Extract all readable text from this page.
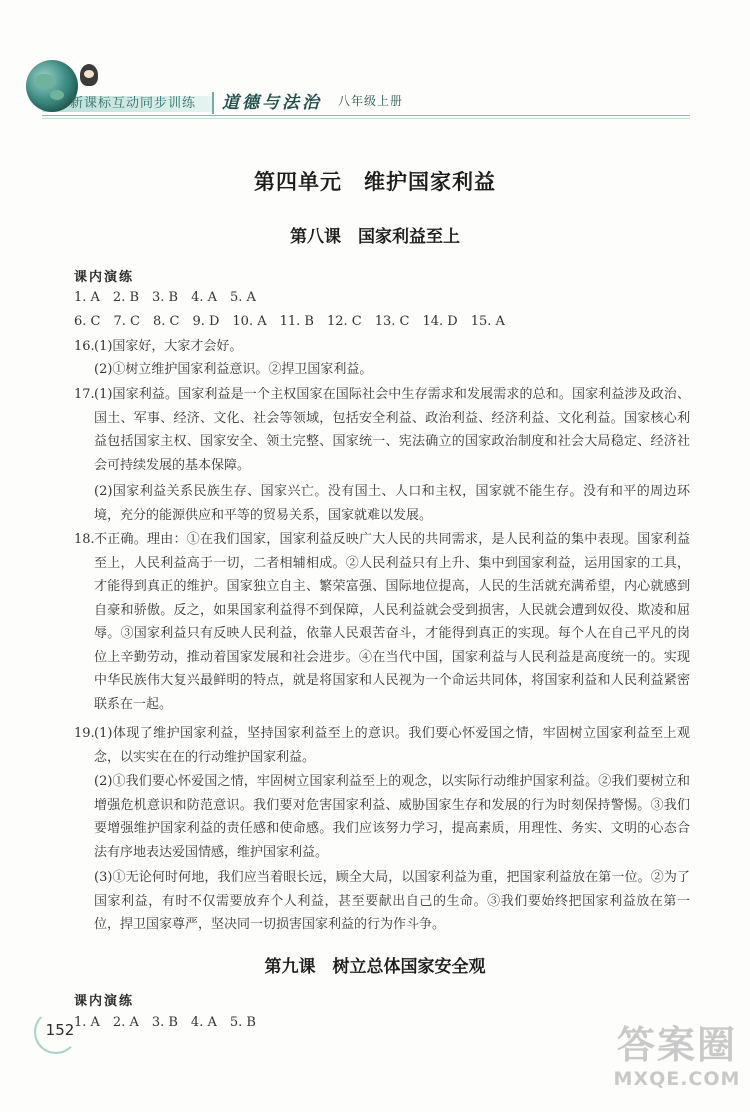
新课标互动同步训练 道德与法治 八年级上册
第四单元　维护国家利益
第八课　国家利益至上
课内演练
1. A　2. B　3. B　4. A　5. A
6. C　7. C　8. C　9. D　10. A　11. B　12. C　13. C　14. D　15. A
16. (1)国家好，大家才会好。
(2)①树立维护国家利益意识。②捍卫国家利益。
17. (1)国家利益。国家利益是一个主权国家在国际社会中生存需求和发展需求的总和。国家利益涉及政治、国土、军事、经济、文化、社会等领域，包括安全利益、政治利益、经济利益、文化利益。国家核心利益包括国家主权、国家安全、领土完整、国家统一、宪法确立的国家政治制度和社会大局稳定、经济社会可持续发展的基本保障。
(2)国家利益关系民族生存、国家兴亡。没有国土、人口和主权，国家就不能生存。没有和平的周边环境，充分的能源供应和平等的贸易关系，国家就难以发展。
18. 不正确。理由：①在我们国家，国家利益反映广大人民的共同需求，是人民利益的集中表现。国家利益至上，人民利益高于一切，二者相辅相成。②人民利益只有上升、集中到国家利益，运用国家的工具，才能得到真正的维护。国家独立自主、繁荣富强、国际地位提高，人民的生活就充满希望，内心就感到自豪和骄傲。反之，如果国家利益得不到保障，人民利益就会受到损害，人民就会遭到奴役、欺凌和屈辱。③国家利益只有反映人民利益，依靠人民艰苦奋斗，才能得到真正的实现。每个人在自己平凡的岗位上辛勤劳动，推动着国家发展和社会进步。④在当代中国，国家利益与人民利益是高度统一的。实现中华民族伟大复兴最鲜明的特点，就是将国家和人民视为一个命运共同体，将国家利益和人民利益紧密联系在一起。
19. (1)体现了维护国家利益，坚持国家利益至上的意识。我们要心怀爱国之情，牢固树立国家利益至上观念，以实实在在的行动维护国家利益。
(2)①我们要心怀爱国之情，牢固树立国家利益至上的观念，以实际行动维护国家利益。②我们要树立和增强危机意识和防范意识。我们要对危害国家利益、威胁国家生存和发展的行为时刻保持警惕。③我们要增强维护国家利益的责任感和使命感。我们应该努力学习，提高素质，用理性、务实、文明的心态合法有序地表达爱国情感，维护国家利益。
(3)①无论何时何地，我们应当着眼长远，顾全大局，以国家利益为重，把国家利益放在第一位。②为了国家利益，有时不仅需要放弃个人利益，甚至要献出自己的生命。③我们要始终把国家利益放在第一位，捍卫国家尊严，坚决同一切损害国家利益的行为作斗争。
第九课　树立总体国家安全观
课内演练
1. A　2. A　3. B　4. A　5. B
152	答案圈
MXQE.COM
